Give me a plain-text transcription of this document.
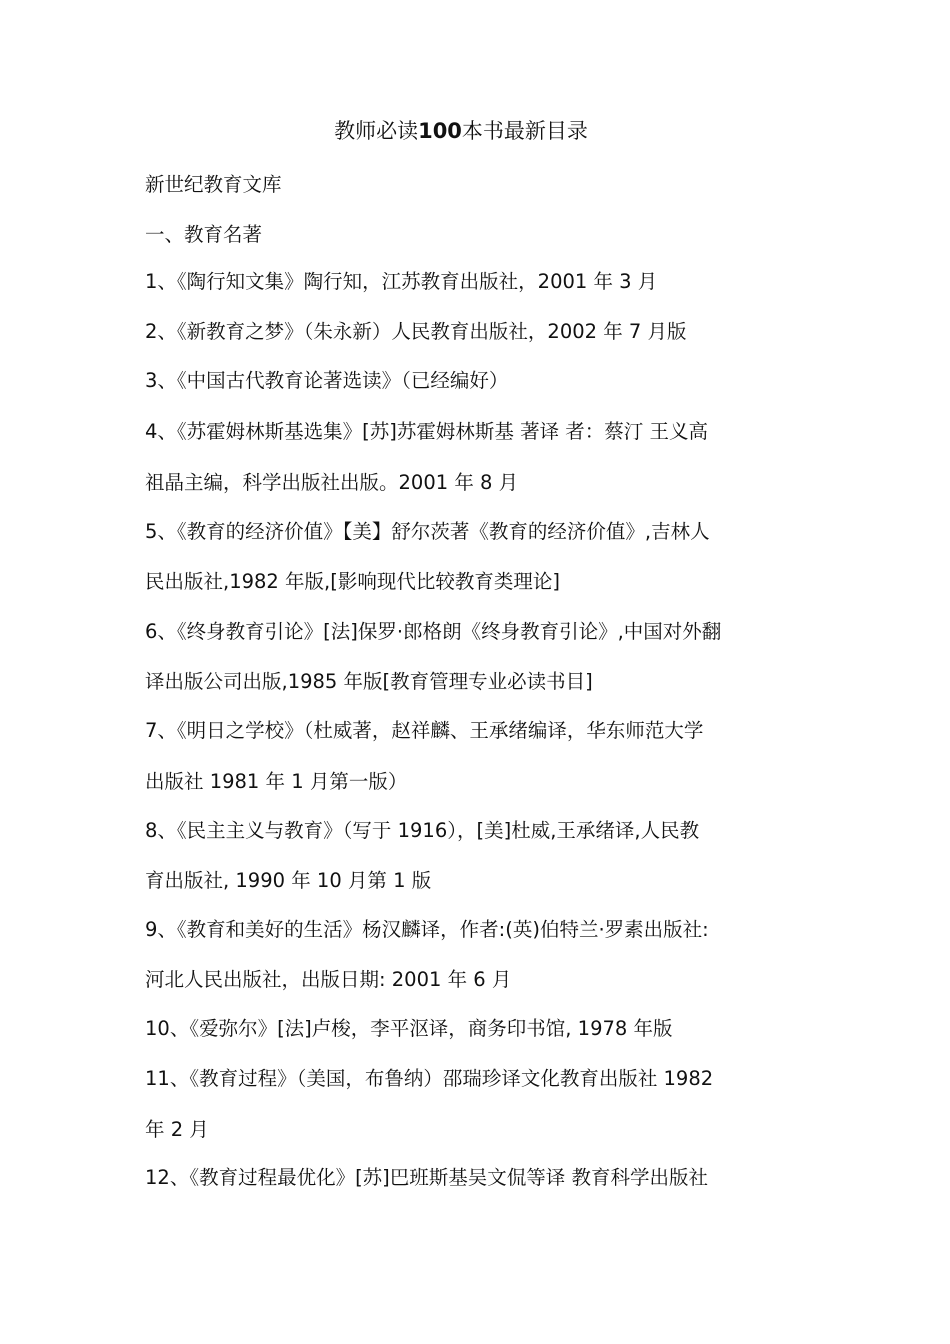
教师必读100本书最新目录
新世纪教育文库
一、教育名著
1、《陶行知文集》陶行知，江苏教育出版社，2001 年 3 月
2、《新教育之梦》（朱永新）人民教育出版社，2002 年 7 月版
3、《中国古代教育论著选读》（已经编好）
4、《苏霍姆林斯基选集》[苏]苏霍姆林斯基 著译 者：蔡汀 王义高
祖晶主编，科学出版社出版。2001 年 8 月
5、《教育的经济价值》【美】舒尔茨著《教育的经济价值》,吉林人
民出版社,1982 年版,[影响现代比较教育类理论]
6、《终身教育引论》[法]保罗·郎格朗《终身教育引论》,中国对外翻
译出版公司出版,1985 年版[教育管理专业必读书目]
7、《明日之学校》（杜威著，赵祥麟、王承绪编译，华东师范大学
出版社 1981 年 1 月第一版）
8、《民主主义与教育》（写于 1916），[美]杜威,王承绪译,人民教
育出版社, 1990 年 10 月第 1 版
9、《教育和美好的生活》杨汉麟译，作者:(英)伯特兰·罗素出版社:
河北人民出版社，出版日期: 2001 年 6 月
10、《爱弥尔》[法]卢梭，李平沤译，商务印书馆, 1978 年版
11、《教育过程》（美国，布鲁纳）邵瑞珍译文化教育出版社 1982
年 2 月
12、《教育过程最优化》[苏]巴班斯基吴文侃等译 教育科学出版社
